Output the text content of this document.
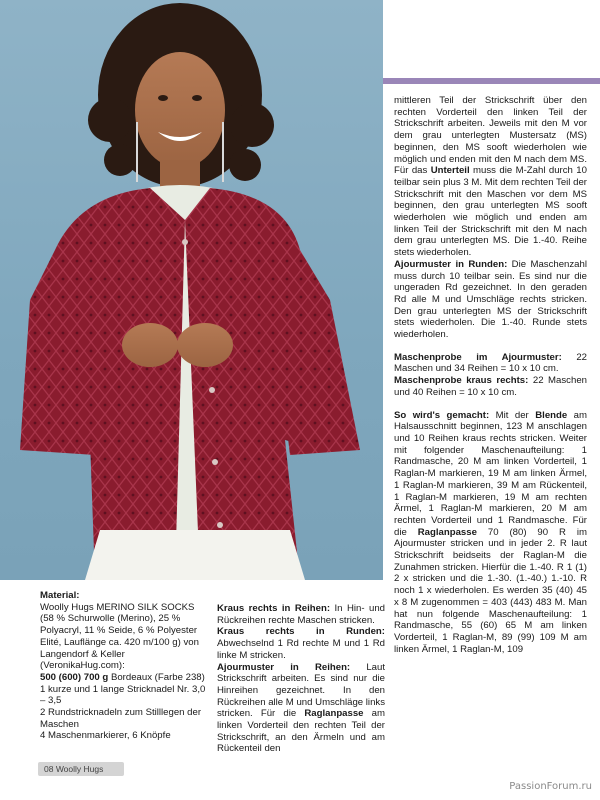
mittleren Teil der Strickschrift über den rechten Vorderteil den linken Teil der Strickschrift arbeiten. Jeweils mit den M vor dem grau unterlegten Mustersatz (MS) beginnen, den MS sooft wiederholen wie möglich und enden mit den M nach dem MS. Für das Unterteil muss die M-Zahl durch 10 teilbar sein plus 3 M. Mit dem rechten Teil der Strickschrift mit den Maschen vor dem MS beginnen, den grau unterlegten MS sooft wiederholen wie möglich und enden am linken Teil der Strickschrift mit den M nach dem grau unterlegten MS. Die 1.-40. Reihe stets wiederholen.

Ajourmuster in Runden: Die Maschenzahl muss durch 10 teilbar sein. Es sind nur die ungeraden Rd gezeichnet. In den geraden Rd alle M und Umschläge rechts stricken. Den grau unterlegten MS der Strickschrift stets wiederholen. Die 1.-40. Runde stets wiederholen.

Maschenprobe im Ajourmuster: 22 Maschen und 34 Reihen = 10 x 10 cm.

Maschenprobe kraus rechts: 22 Maschen und 40 Reihen = 10 x 10 cm.

So wird's gemacht: Mit der Blende am Halsausschnitt beginnen, 123 M anschlagen und 10 Reihen kraus rechts stricken. Weiter mit folgender Maschenaufteilung: 1 Randmasche, 20 M am linken Vorderteil, 1 Raglan-M markieren, 19 M am linken Ärmel, 1 Raglan-M markieren, 39 M am Rückenteil, 1 Raglan-M markieren, 19 M am rechten Ärmel, 1 Raglan-M markieren, 20 M am rechten Vorderteil und 1 Randmasche. Für die Raglanpasse 70 (80) 90 R im Ajourmuster stricken und in jeder 2. R laut Strickschrift beidseits der Raglan-M die Zunahmen stricken. Hierfür die 1.-40. R 1 (1) 2 x stricken und die 1.-30. (1.-40.) 1.-10. R noch 1 x wiederholen. Es werden 35 (40) 45 x 8 M zugenommen = 403 (443) 483 M. Man hat nun folgende Maschenaufteilung: 1 Randmasche, 55 (60) 65 M am linken Vorderteil, 1 Raglan-M, 89 (99) 109 M am linken Ärmel, 1 Raglan-M, 109

Material:

Woolly Hugs MERINO SILK SOCKS (58 % Schurwolle (Merino), 25 % Polyacryl, 11 % Seide, 6 % Polyester Elité, Lauflänge ca. 420 m/100 g) von Langendorf & Keller (VeronikaHug.com):

500 (600) 700 g Bordeaux (Farbe 238)

1 kurze und 1 lange Stricknadel Nr. 3,0 – 3,5

2 Rundstricknadeln zum Stilllegen der Maschen

4 Maschenmarkierer, 6 Knöpfe

Kraus rechts in Reihen: In Hin- und Rückreihen rechte Maschen stricken.

Kraus rechts in Runden: Abwechselnd 1 Rd rechte M und 1 Rd linke M stricken.

Ajourmuster in Reihen: Laut Strickschrift arbeiten. Es sind nur die Hinreihen gezeichnet. In den Rückreihen alle M und Umschläge links stricken. Für die Raglanpasse am linken Vorderteil den rechten Teil der Strickschrift, an den Ärmeln und am Rückenteil den

08 Woolly Hugs
PassionForum.ru
